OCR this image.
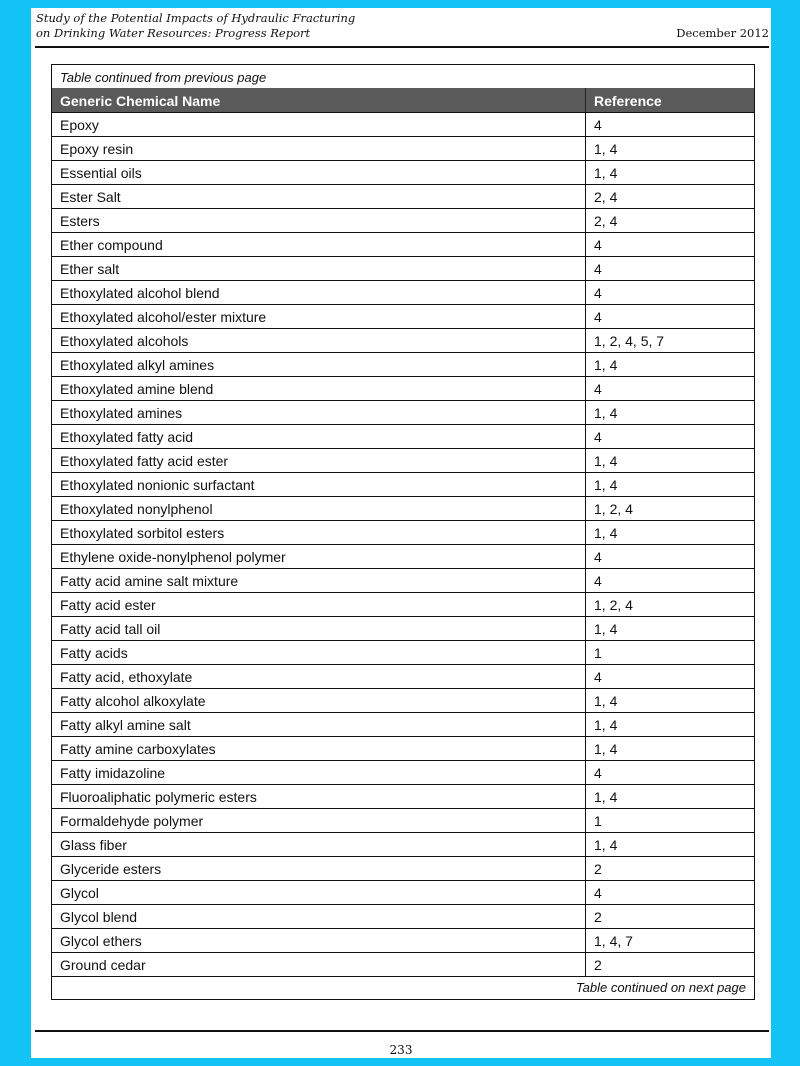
Study of the Potential Impacts of Hydraulic Fracturing
on Drinking Water Resources: Progress Report	December 2012
Table continued from previous page
Generic Chemical Name	Reference
Epoxy	4
Epoxy resin	1, 4
Essential oils	1, 4
Ester Salt	2, 4
Esters	2, 4
Ether compound	4
Ether salt	4
Ethoxylated alcohol blend	4
Ethoxylated alcohol/ester mixture	4
Ethoxylated alcohols	1, 2, 4, 5, 7
Ethoxylated alkyl amines	1, 4
Ethoxylated amine blend	4
Ethoxylated amines	1, 4
Ethoxylated fatty acid	4
Ethoxylated fatty acid ester	1, 4
Ethoxylated nonionic surfactant	1, 4
Ethoxylated nonylphenol	1, 2, 4
Ethoxylated sorbitol esters	1, 4
Ethylene oxide-nonylphenol polymer	4
Fatty acid amine salt mixture	4
Fatty acid ester	1, 2, 4
Fatty acid tall oil	1, 4
Fatty acids	1
Fatty acid, ethoxylate	4
Fatty alcohol alkoxylate	1, 4
Fatty alkyl amine salt	1, 4
Fatty amine carboxylates	1, 4
Fatty imidazoline	4
Fluoroaliphatic polymeric esters	1, 4
Formaldehyde polymer	1
Glass fiber	1, 4
Glyceride esters	2
Glycol	4
Glycol blend	2
Glycol ethers	1, 4, 7
Ground cedar	2
Table continued on next page
233
